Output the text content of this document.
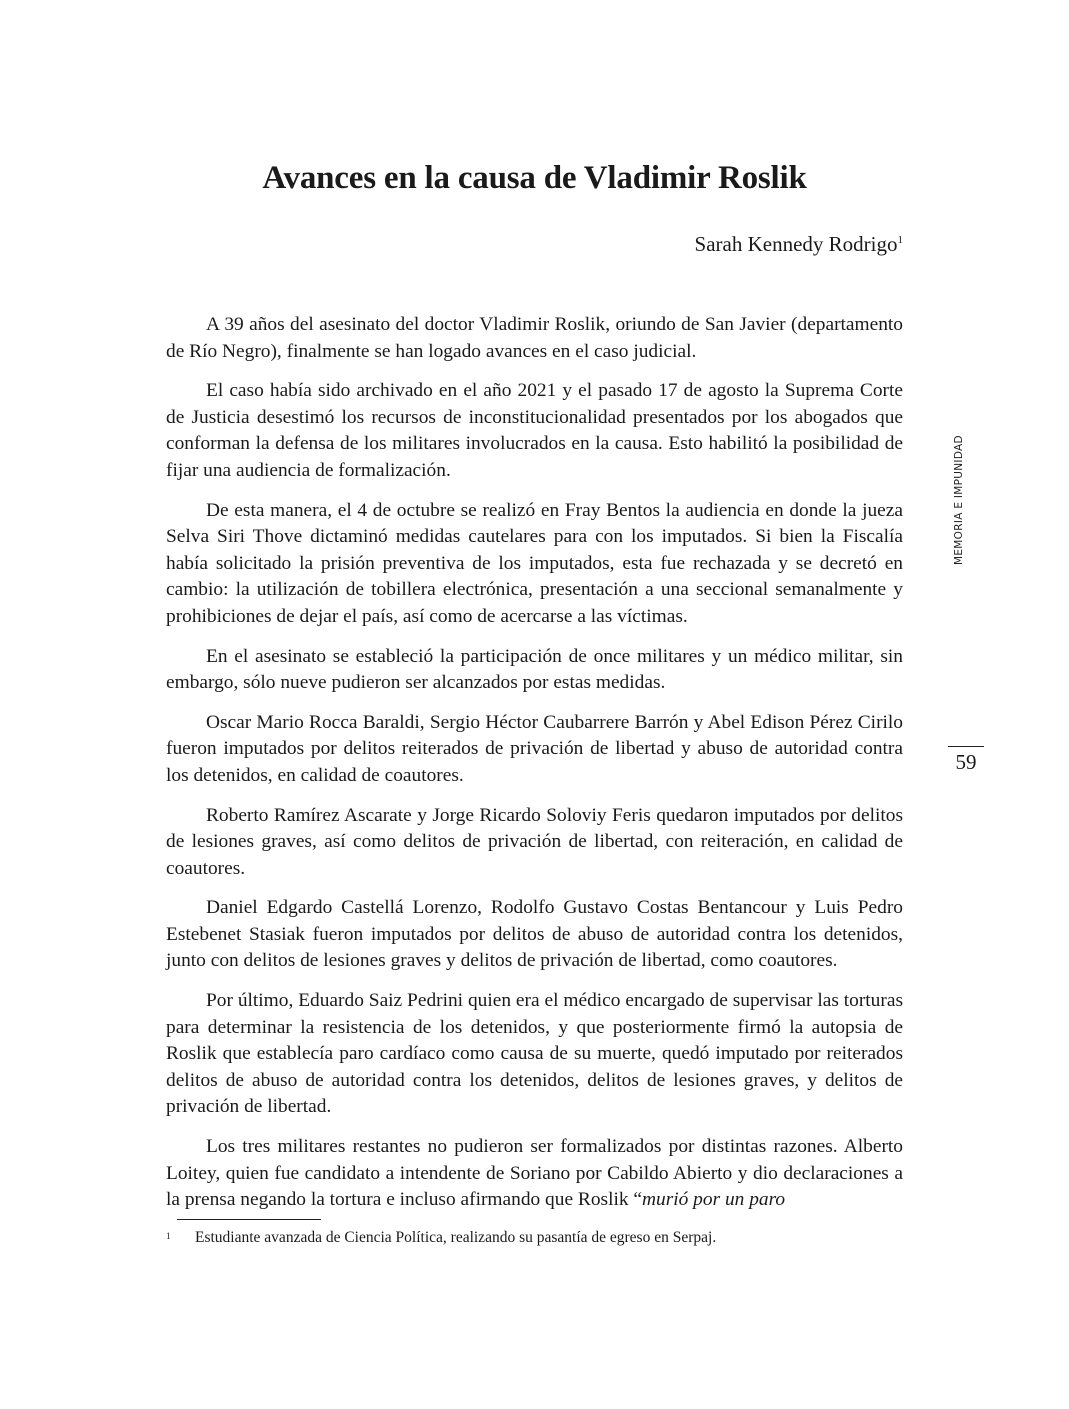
Avances en la causa de Vladimir Roslik
Sarah Kennedy Rodrigo$^1$

A 39 años del asesinato del doctor Vladimir Roslik, oriundo de San Javier (departamento de Río Negro), finalmente se han logado avances en el caso judicial.

El caso había sido archivado en el año 2021 y el pasado 17 de agosto la Suprema Corte de Justicia desestimó los recursos de inconstitucionalidad presentados por los abogados que conforman la defensa de los militares involucrados en la causa. Esto habilitó la posibilidad de fijar una audiencia de formalización.

De esta manera, el 4 de octubre se realizó en Fray Bentos la audiencia en donde la jueza Selva Siri Thove dictaminó medidas cautelares para con los imputados. Si bien la Fiscalía había solicitado la prisión preventiva de los imputados, esta fue rechazada y se decretó en cambio: la utilización de tobillera electrónica, presentación a una seccional semanalmente y prohibiciones de dejar el país, así como de acercarse a las víctimas.

En el asesinato se estableció la participación de once militares y un médico militar, sin embargo, sólo nueve pudieron ser alcanzados por estas medidas.

Oscar Mario Rocca Baraldi, Sergio Héctor Caubarrere Barrón y Abel Edison Pérez Cirilo fueron imputados por delitos reiterados de privación de libertad y abuso de autoridad contra los detenidos, en calidad de coautores.

Roberto Ramírez Ascarate y Jorge Ricardo Soloviy Feris quedaron imputados por delitos de lesiones graves, así como delitos de privación de libertad, con reiteración, en calidad de coautores.

Daniel Edgardo Castellá Lorenzo, Rodolfo Gustavo Costas Bentancour y Luis Pedro Estebenet Stasiak fueron imputados por delitos de abuso de autoridad contra los detenidos, junto con delitos de lesiones graves y delitos de privación de libertad, como coautores.

Por último, Eduardo Saiz Pedrini quien era el médico encargado de supervisar las torturas para determinar la resistencia de los detenidos, y que posteriormente firmó la autopsia de Roslik que establecía paro cardíaco como causa de su muerte, quedó imputado por reiterados delitos de abuso de autoridad contra los detenidos, delitos de lesiones graves, y delitos de privación de libertad.

Los tres militares restantes no pudieron ser formalizados por distintas razones. Alberto Loitey, quien fue candidato a intendente de Soriano por Cabildo Abierto y dio declaraciones a la prensa negando la tortura e incluso afirmando que Roslik “murió por un paro

MEMORIA E IMPUNIDAD
59
1 Estudiante avanzada de Ciencia Política, realizando su pasantía de egreso en Serpaj.
